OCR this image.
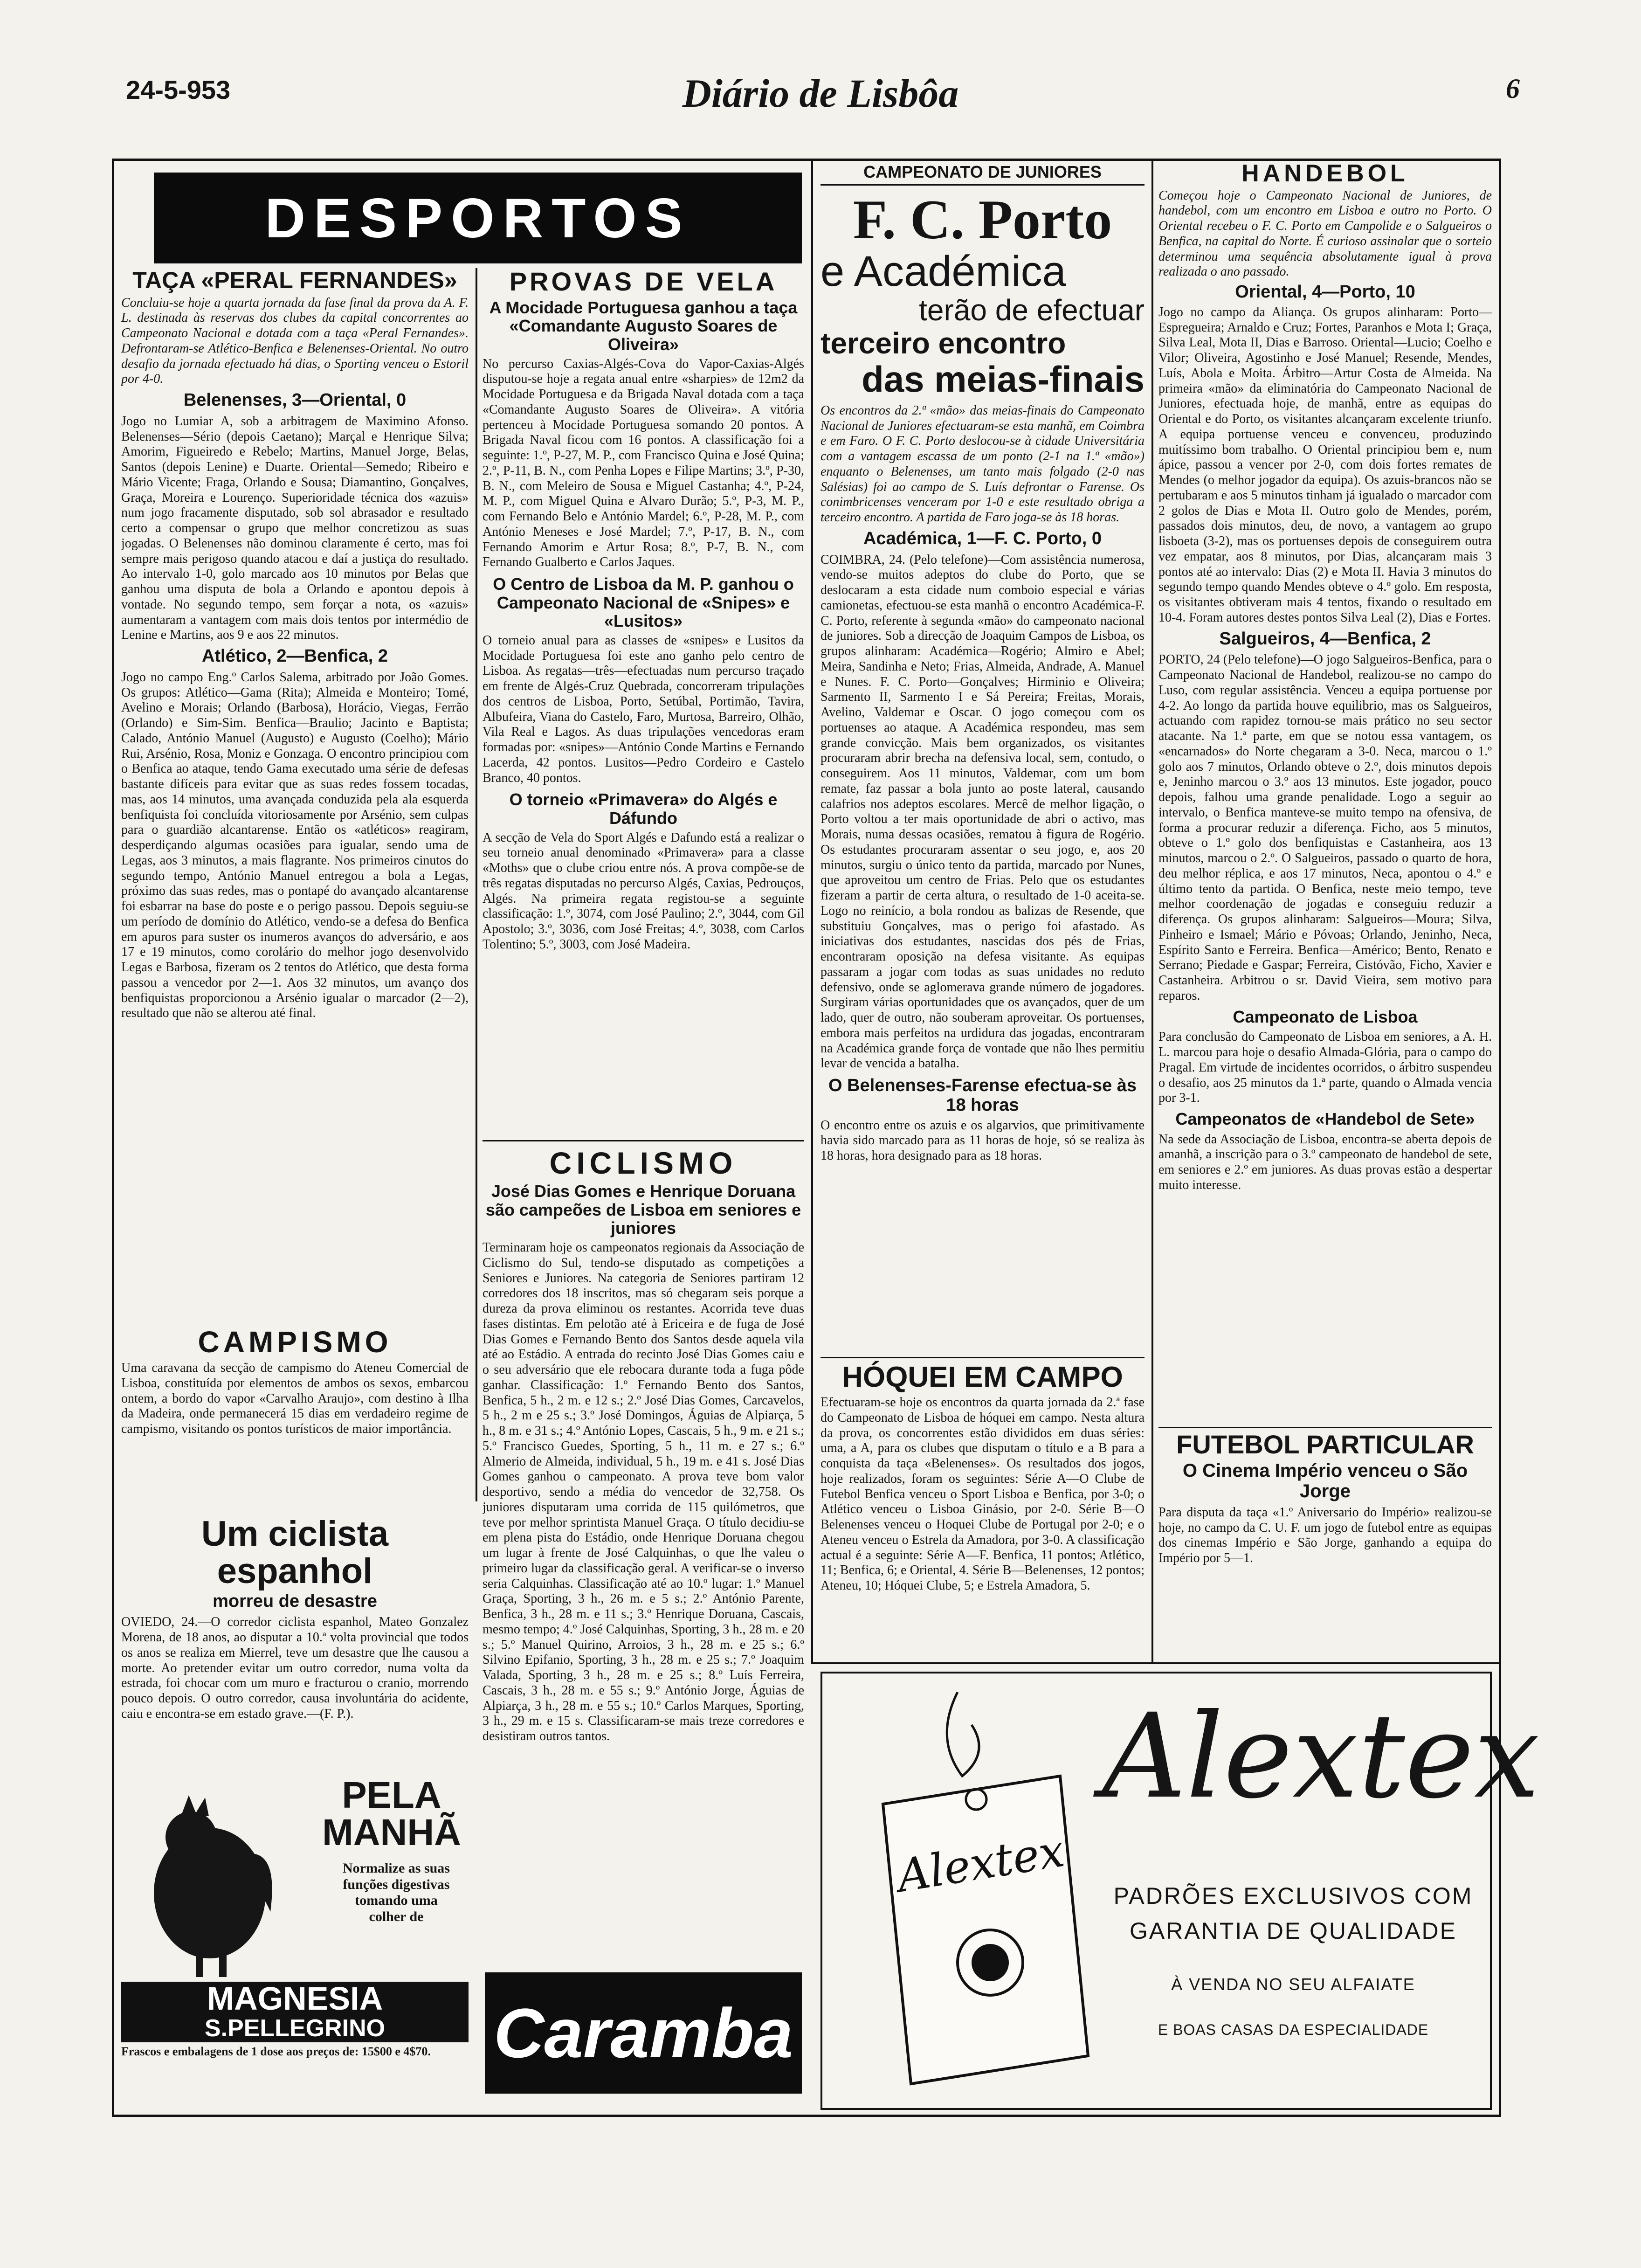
24-5-953	Diário de Lisbôa	6
DESPORTOS
TAÇA «PERAL FERNANDES»
Concluiu-se hoje a quarta jornada da fase final da prova da A. F. L. destinada às reservas dos clubes da capital concorrentes ao Campeonato Nacional e dotada com a taça «Peral Fernandes». Defrontaram-se Atlético-Benfica e Belenenses-Oriental. No outro desafio da jornada efectuado há dias, o Sporting venceu o Estoril por 4-0.
Belenenses, 3—Oriental, 0
Jogo no Lumiar A, sob a arbitragem de Maximino Afonso. Belenenses—Sério (depois Caetano); Marçal e Henrique Silva; Amorim, Figueiredo e Rebelo; Martins, Manuel Jorge, Belas, Santos (depois Lenine) e Duarte. Oriental—Semedo; Ribeiro e Mário Vicente; Fraga, Orlando e Sousa; Diamantino, Gonçalves, Graça, Moreira e Lourenço. Superioridade técnica dos «azuis» num jogo fracamente disputado, sob sol abrasador e resultado certo a compensar o grupo que melhor concretizou as suas jogadas. O Belenenses não dominou claramente é certo, mas foi sempre mais perigoso quando atacou e daí a justiça do resultado. Ao intervalo 1-0, golo marcado aos 10 minutos por Belas que ganhou uma disputa de bola a Orlando e apontou depois à vontade. No segundo tempo, sem forçar a nota, os «azuis» aumentaram a vantagem com mais dois tentos por intermédio de Lenine e Martins, aos 9 e aos 22 minutos.
Atlético, 2—Benfica, 2
Jogo no campo Eng.º Carlos Salema, arbitrado por João Gomes. Os grupos: Atlético—Gama (Rita); Almeida e Monteiro; Tomé, Avelino e Morais; Orlando (Barbosa), Horácio, Viegas, Ferrão (Orlando) e Sim-Sim. Benfica—Braulio; Jacinto e Baptista; Calado, António Manuel (Augusto) e Augusto (Coelho); Mário Rui, Arsénio, Rosa, Moniz e Gonzaga. O encontro principiou com o Benfica ao ataque, tendo Gama executado uma série de defesas bastante difíceis para evitar que as suas redes fossem tocadas, mas, aos 14 minutos, uma avançada conduzida pela ala esquerda benfiquista foi concluída vitoriosamente por Arsénio, sem culpas para o guardião alcantarense. Então os «atléticos» reagiram, desperdiçando algumas ocasiões para igualar, sendo uma de Legas, aos 3 minutos, a mais flagrante. Nos primeiros cinutos do segundo tempo, António Manuel entregou a bola a Legas, próximo das suas redes, mas o pontapé do avançado alcantarense foi esbarrar na base do poste e o perigo passou. Depois seguiu-se um período de domínio do Atlético, vendo-se a defesa do Benfica em apuros para suster os inumeros avanços do adversário, e aos 17 e 19 minutos, como corolário do melhor jogo desenvolvido Legas e Barbosa, fizeram os 2 tentos do Atlético, que desta forma passou a vencedor por 2—1. Aos 32 minutos, um avanço dos benfiquistas proporcionou a Arsénio igualar o marcador (2—2), resultado que não se alterou até final.
CAMPISMO
Uma caravana da secção de campismo do Ateneu Comercial de Lisboa, constituída por elementos de ambos os sexos, embarcou ontem, a bordo do vapor «Carvalho Araujo», com destino à Ilha da Madeira, onde permanecerá 15 dias em verdadeiro regime de campismo, visitando os pontos turísticos de maior importância.
Um ciclista espanhol
morreu de desastre
OVIEDO, 24.—O corredor ciclista espanhol, Mateo Gonzalez Morena, de 18 anos, ao disputar a 10.ª volta provincial que todos os anos se realiza em Mierrel, teve um desastre que lhe causou a morte. Ao pretender evitar um outro corredor, numa volta da estrada, foi chocar com um muro e fracturou o cranio, morrendo pouco depois. O outro corredor, causa involuntária do acidente, caiu e encontra-se em estado grave.—(F. P.).
PELA
MANHÃ
Normalize as suas funções digestivas tomando uma colher de
MAGNESIA
S.PELLEGRINO
Frascos e embalagens de 1 dose aos preços de: 15$00 e 4$70.
PROVAS DE VELA
A Mocidade Portuguesa ganhou a taça «Comandante Augusto Soares de Oliveira»
No percurso Caxias-Algés-Cova do Vapor-Caxias-Algés disputou-se hoje a regata anual entre «sharpies» de 12m2 da Mocidade Portuguesa e da Brigada Naval dotada com a taça «Comandante Augusto Soares de Oliveira». A vitória pertenceu à Mocidade Portuguesa somando 20 pontos. A Brigada Naval ficou com 16 pontos. A classificação foi a seguinte: 1.º, P-27, M. P., com Francisco Quina e José Quina; 2.º, P-11, B. N., com Penha Lopes e Filipe Martins; 3.º, P-30, B. N., com Meleiro de Sousa e Miguel Castanha; 4.º, P-24, M. P., com Miguel Quina e Alvaro Durão; 5.º, P-3, M. P., com Fernando Belo e António Mardel; 6.º, P-28, M. P., com António Meneses e José Mardel; 7.º, P-17, B. N., com Fernando Amorim e Artur Rosa; 8.º, P-7, B. N., com Fernando Gualberto e Carlos Jaques.
O Centro de Lisboa da M. P. ganhou o Campeonato Nacional de «Snipes» e «Lusitos»
O torneio anual para as classes de «snipes» e Lusitos da Mocidade Portuguesa foi este ano ganho pelo centro de Lisboa. As regatas—três—efectuadas num percurso traçado em frente de Algés-Cruz Quebrada, concorreram tripulações dos centros de Lisboa, Porto, Setúbal, Portimão, Tavira, Albufeira, Viana do Castelo, Faro, Murtosa, Barreiro, Olhão, Vila Real e Lagos. As duas tripulações vencedoras eram formadas por: «snipes»—António Conde Martins e Fernando Lacerda, 42 pontos. Lusitos—Pedro Cordeiro e Castelo Branco, 40 pontos.
O torneio «Primavera» do Algés e Dáfundo
A secção de Vela do Sport Algés e Dafundo está a realizar o seu torneio anual denominado «Primavera» para a classe «Moths» que o clube criou entre nós. A prova compõe-se de três regatas disputadas no percurso Algés, Caxias, Pedrouços, Algés. Na primeira regata registou-se a seguinte classificação: 1.º, 3074, com José Paulino; 2.º, 3044, com Gil Apostolo; 3.º, 3036, com José Freitas; 4.º, 3038, com Carlos Tolentino; 5.º, 3003, com José Madeira.
CICLISMO
José Dias Gomes e Henrique Doruana são campeões de Lisboa em seniores e juniores
Terminaram hoje os campeonatos regionais da Associação de Ciclismo do Sul, tendo-se disputado as competições a Seniores e Juniores. Na categoria de Seniores partiram 12 corredores dos 18 inscritos, mas só chegaram seis porque a dureza da prova eliminou os restantes. Acorrida teve duas fases distintas. Em pelotão até à Ericeira e de fuga de José Dias Gomes e Fernando Bento dos Santos desde aquela vila até ao Estádio. A entrada do recinto José Dias Gomes caiu e o seu adversário que ele rebocara durante toda a fuga pôde ganhar. Classificação: 1.º Fernando Bento dos Santos, Benfica, 5 h., 2 m. e 12 s.; 2.º José Dias Gomes, Carcavelos, 5 h., 2 m e 25 s.; 3.º José Domingos, Águias de Alpiarça, 5 h., 8 m. e 31 s.; 4.º António Lopes, Cascais, 5 h., 9 m. e 21 s.; 5.º Francisco Guedes, Sporting, 5 h., 11 m. e 27 s.; 6.º Almerio de Almeida, individual, 5 h., 19 m. e 41 s. José Dias Gomes ganhou o campeonato. A prova teve bom valor desportivo, sendo a média do vencedor de 32,758. Os juniores disputaram uma corrida de 115 quilómetros, que teve por melhor sprintista Manuel Graça. O título decidiu-se em plena pista do Estádio, onde Henrique Doruana chegou um lugar à frente de José Calquinhas, o que lhe valeu o primeiro lugar da classificação geral. A verificar-se o inverso seria Calquinhas. Classificação até ao 10.º lugar: 1.º Manuel Graça, Sporting, 3 h., 26 m. e 5 s.; 2.º António Parente, Benfica, 3 h., 28 m. e 11 s.; 3.º Henrique Doruana, Cascais, mesmo tempo; 4.º José Calquinhas, Sporting, 3 h., 28 m. e 20 s.; 5.º Manuel Quirino, Arroios, 3 h., 28 m. e 25 s.; 6.º Silvino Epifanio, Sporting, 3 h., 28 m. e 25 s.; 7.º Joaquim Valada, Sporting, 3 h., 28 m. e 25 s.; 8.º Luís Ferreira, Cascais, 3 h., 28 m. e 55 s.; 9.º António Jorge, Águias de Alpiarça, 3 h., 28 m. e 55 s.; 10.º Carlos Marques, Sporting, 3 h., 29 m. e 15 s. Classificaram-se mais treze corredores e desistiram outros tantos.
Caramba
CAMPEONATO DE JUNIORES
F. C. Porto
e Académica
terão de efectuar
terceiro encontro
das meias-finais
Os encontros da 2.ª «mão» das meias-finais do Campeonato Nacional de Juniores efectuaram-se esta manhã, em Coimbra e em Faro. O F. C. Porto deslocou-se à cidade Universitária com a vantagem escassa de um ponto (2-1 na 1.ª «mão») enquanto o Belenenses, um tanto mais folgado (2-0 nas Salésias) foi ao campo de S. Luís defrontar o Farense. Os conimbricenses venceram por 1-0 e este resultado obriga a terceiro encontro. A partida de Faro joga-se às 18 horas.
Académica, 1—F. C. Porto, 0
COIMBRA, 24. (Pelo telefone)—Com assistência numerosa, vendo-se muitos adeptos do clube do Porto, que se deslocaram a esta cidade num comboio especial e várias camionetas, efectuou-se esta manhã o encontro Académica-F. C. Porto, referente à segunda «mão» do campeonato nacional de juniores. Sob a direcção de Joaquim Campos de Lisboa, os grupos alinharam: Académica—Rogério; Almiro e Abel; Meira, Sandinha e Neto; Frias, Almeida, Andrade, A. Manuel e Nunes. F. C. Porto—Gonçalves; Hirminio e Oliveira; Sarmento II, Sarmento I e Sá Pereira; Freitas, Morais, Avelino, Valdemar e Oscar. O jogo começou com os portuenses ao ataque. A Académica respondeu, mas sem grande convicção. Mais bem organizados, os visitantes procuraram abrir brecha na defensiva local, sem, contudo, o conseguirem. Aos 11 minutos, Valdemar, com um bom remate, faz passar a bola junto ao poste lateral, causando calafrios nos adeptos escolares. Mercê de melhor ligação, o Porto voltou a ter mais oportunidade de abri o activo, mas Morais, numa dessas ocasiões, rematou à figura de Rogério. Os estudantes procuraram assentar o seu jogo, e, aos 20 minutos, surgiu o único tento da partida, marcado por Nunes, que aproveitou um centro de Frias. Pelo que os estudantes fizeram a partir de certa altura, o resultado de 1-0 aceita-se. Logo no reinício, a bola rondou as balizas de Resende, que substituiu Gonçalves, mas o perigo foi afastado. As iniciativas dos estudantes, nascidas dos pés de Frias, encontraram oposição na defesa visitante. As equipas passaram a jogar com todas as suas unidades no reduto defensivo, onde se aglomerava grande número de jogadores. Surgiram várias oportunidades que os avançados, quer de um lado, quer de outro, não souberam aproveitar. Os portuenses, embora mais perfeitos na urdidura das jogadas, encontraram na Académica grande força de vontade que não lhes permitiu levar de vencida a batalha.
O Belenenses-Farense efectua-se às 18 horas
O encontro entre os azuis e os algarvios, que primitivamente havia sido marcado para as 11 horas de hoje, só se realiza às 18 horas, hora designado para as 18 horas.
HÓQUEI EM CAMPO
Efectuaram-se hoje os encontros da quarta jornada da 2.ª fase do Campeonato de Lisboa de hóquei em campo. Nesta altura da prova, os concorrentes estão divididos em duas séries: uma, a A, para os clubes que disputam o título e a B para a conquista da taça «Belenenses». Os resultados dos jogos, hoje realizados, foram os seguintes: Série A—O Clube de Futebol Benfica venceu o Sport Lisboa e Benfica, por 3-0; o Atlético venceu o Lisboa Ginásio, por 2-0. Série B—O Belenenses venceu o Hoquei Clube de Portugal por 2-0; e o Ateneu venceu o Estrela da Amadora, por 3-0. A classificação actual é a seguinte: Série A—F. Benfica, 11 pontos; Atlético, 11; Benfica, 6; e Oriental, 4. Série B—Belenenses, 12 pontos; Ateneu, 10; Hóquei Clube, 5; e Estrela Amadora, 5.
HANDEBOL
Começou hoje o Campeonato Nacional de Juniores, de handebol, com um encontro em Lisboa e outro no Porto. O Oriental recebeu o F. C. Porto em Campolide e o Salgueiros o Benfica, na capital do Norte. É curioso assinalar que o sorteio determinou uma sequência absolutamente igual à prova realizada o ano passado.
Oriental, 4—Porto, 10
Jogo no campo da Aliança. Os grupos alinharam: Porto—Espregueira; Arnaldo e Cruz; Fortes, Paranhos e Mota I; Graça, Silva Leal, Mota II, Dias e Barroso. Oriental—Lucio; Coelho e Vilor; Oliveira, Agostinho e José Manuel; Resende, Mendes, Luís, Abola e Moita. Árbitro—Artur Costa de Almeida. Na primeira «mão» da eliminatória do Campeonato Nacional de Juniores, efectuada hoje, de manhã, entre as equipas do Oriental e do Porto, os visitantes alcançaram excelente triunfo. A equipa portuense venceu e convenceu, produzindo muitíssimo bom trabalho. O Oriental principiou bem e, num ápice, passou a vencer por 2-0, com dois fortes remates de Mendes (o melhor jogador da equipa). Os azuis-brancos não se pertubaram e aos 5 minutos tinham já igualado o marcador com 2 golos de Dias e Mota II. Outro golo de Mendes, porém, passados dois minutos, deu, de novo, a vantagem ao grupo lisboeta (3-2), mas os portuenses depois de conseguirem outra vez empatar, aos 8 minutos, por Dias, alcançaram mais 3 pontos até ao intervalo: Dias (2) e Mota II. Havia 3 minutos do segundo tempo quando Mendes obteve o 4.º golo. Em resposta, os visitantes obtiveram mais 4 tentos, fixando o resultado em 10-4. Foram autores destes pontos Silva Leal (2), Dias e Fortes.
Salgueiros, 4—Benfica, 2
PORTO, 24 (Pelo telefone)—O jogo Salgueiros-Benfica, para o Campeonato Nacional de Handebol, realizou-se no campo do Luso, com regular assistência. Venceu a equipa portuense por 4-2. Ao longo da partida houve equilibrio, mas os Salgueiros, actuando com rapidez tornou-se mais prático no seu sector atacante. Na 1.ª parte, em que se notou essa vantagem, os «encarnados» do Norte chegaram a 3-0. Neca, marcou o 1.º golo aos 7 minutos, Orlando obteve o 2.º, dois minutos depois e, Jeninho marcou o 3.º aos 13 minutos. Este jogador, pouco depois, falhou uma grande penalidade. Logo a seguir ao intervalo, o Benfica manteve-se muito tempo na ofensiva, de forma a procurar reduzir a diferença. Ficho, aos 5 minutos, obteve o 1.º golo dos benfiquistas e Castanheira, aos 13 minutos, marcou o 2.º. O Salgueiros, passado o quarto de hora, deu melhor réplica, e aos 17 minutos, Neca, apontou o 4.º e último tento da partida. O Benfica, neste meio tempo, teve melhor coordenação de jogadas e conseguiu reduzir a diferença. Os grupos alinharam: Salgueiros—Moura; Silva, Pinheiro e Ismael; Mário e Póvoas; Orlando, Jeninho, Neca, Espírito Santo e Ferreira. Benfica—Américo; Bento, Renato e Serrano; Piedade e Gaspar; Ferreira, Cistóvão, Ficho, Xavier e Castanheira. Arbitrou o sr. David Vieira, sem motivo para reparos.
Campeonato de Lisboa
Para conclusão do Campeonato de Lisboa em seniores, a A. H. L. marcou para hoje o desafio Almada-Glória, para o campo do Pragal. Em virtude de incidentes ocorridos, o árbitro suspendeu o desafio, aos 25 minutos da 1.ª parte, quando o Almada vencia por 3-1.
Campeonatos de «Handebol de Sete»
Na sede da Associação de Lisboa, encontra-se aberta depois de amanhã, a inscrição para o 3.º campeonato de handebol de sete, em seniores e 2.º em juniores. As duas provas estão a despertar muito interesse.
FUTEBOL PARTICULAR
O Cinema Império venceu o São Jorge
Para disputa da taça «1.º Aniversario do Império» realizou-se hoje, no campo da C. U. F. um jogo de futebol entre as equipas dos cinemas Império e São Jorge, ganhando a equipa do Império por 5—1.
Alextex
Alextex
PADRÕES EXCLUSIVOS COM
GARANTIA DE QUALIDADE
À VENDA NO SEU ALFAIATE
E BOAS CASAS DA ESPECIALIDADE
